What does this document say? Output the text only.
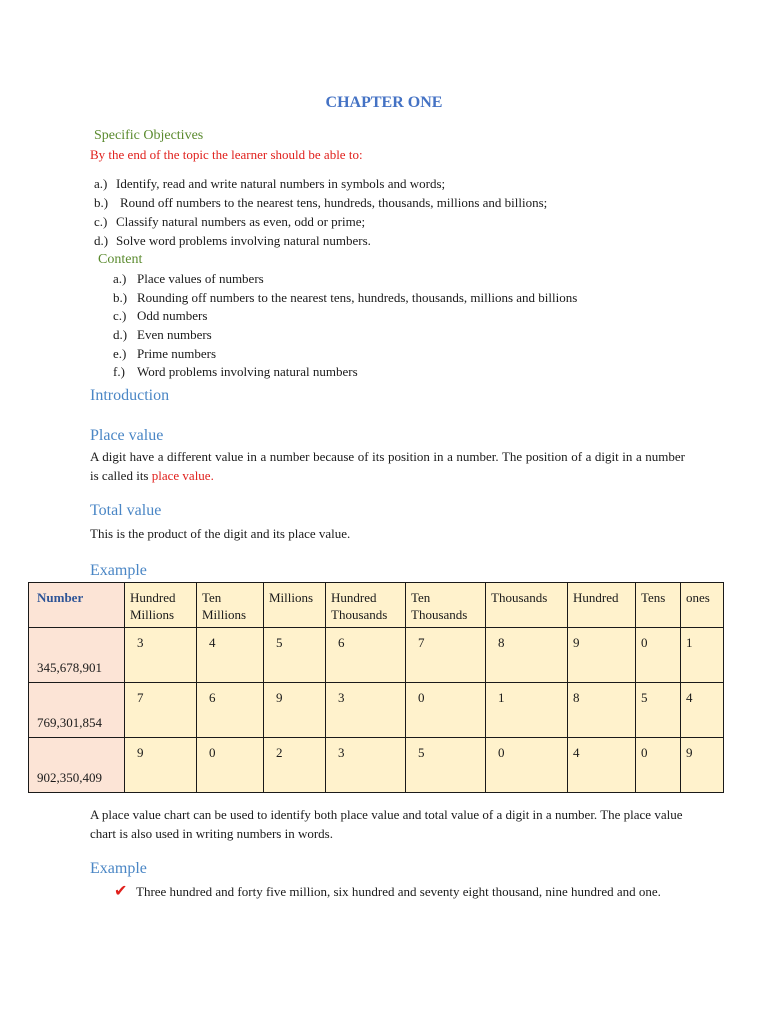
CHAPTER ONE
Specific Objectives
By the end of the topic the learner should be able to:
a.) Identify, read and write natural numbers in symbols and words;
b.) Round off numbers to the nearest tens, hundreds, thousands, millions and billions;
c.) Classify natural numbers as even, odd or prime;
d.) Solve word problems involving natural numbers.
Content
a.) Place values of numbers
b.) Rounding off numbers to the nearest tens, hundreds, thousands, millions and billions
c.) Odd numbers
d.) Even numbers
e.) Prime numbers
f.) Word problems involving natural numbers
Introduction
Place value
A digit have a different value in a number because of its position in a number. The position of a digit in a number is called its place value.
Total value
This is the product of the digit and its place value.
Example
Number	Hundred Millions	Ten Millions	Millions	Hundred Thousands	Ten Thousands	Thousands	Hundred	Tens	ones
345,678,901	3	4	5	6	7	8	9	0	1
769,301,854	7	6	9	3	0	1	8	5	4
902,350,409	9	0	2	3	5	0	4	0	9
A place value chart can be used to identify both place value and total value of a digit in a number. The place value chart is also used in writing numbers in words.
Example
✔ Three hundred and forty five million, six hundred and seventy eight thousand, nine hundred and one.
